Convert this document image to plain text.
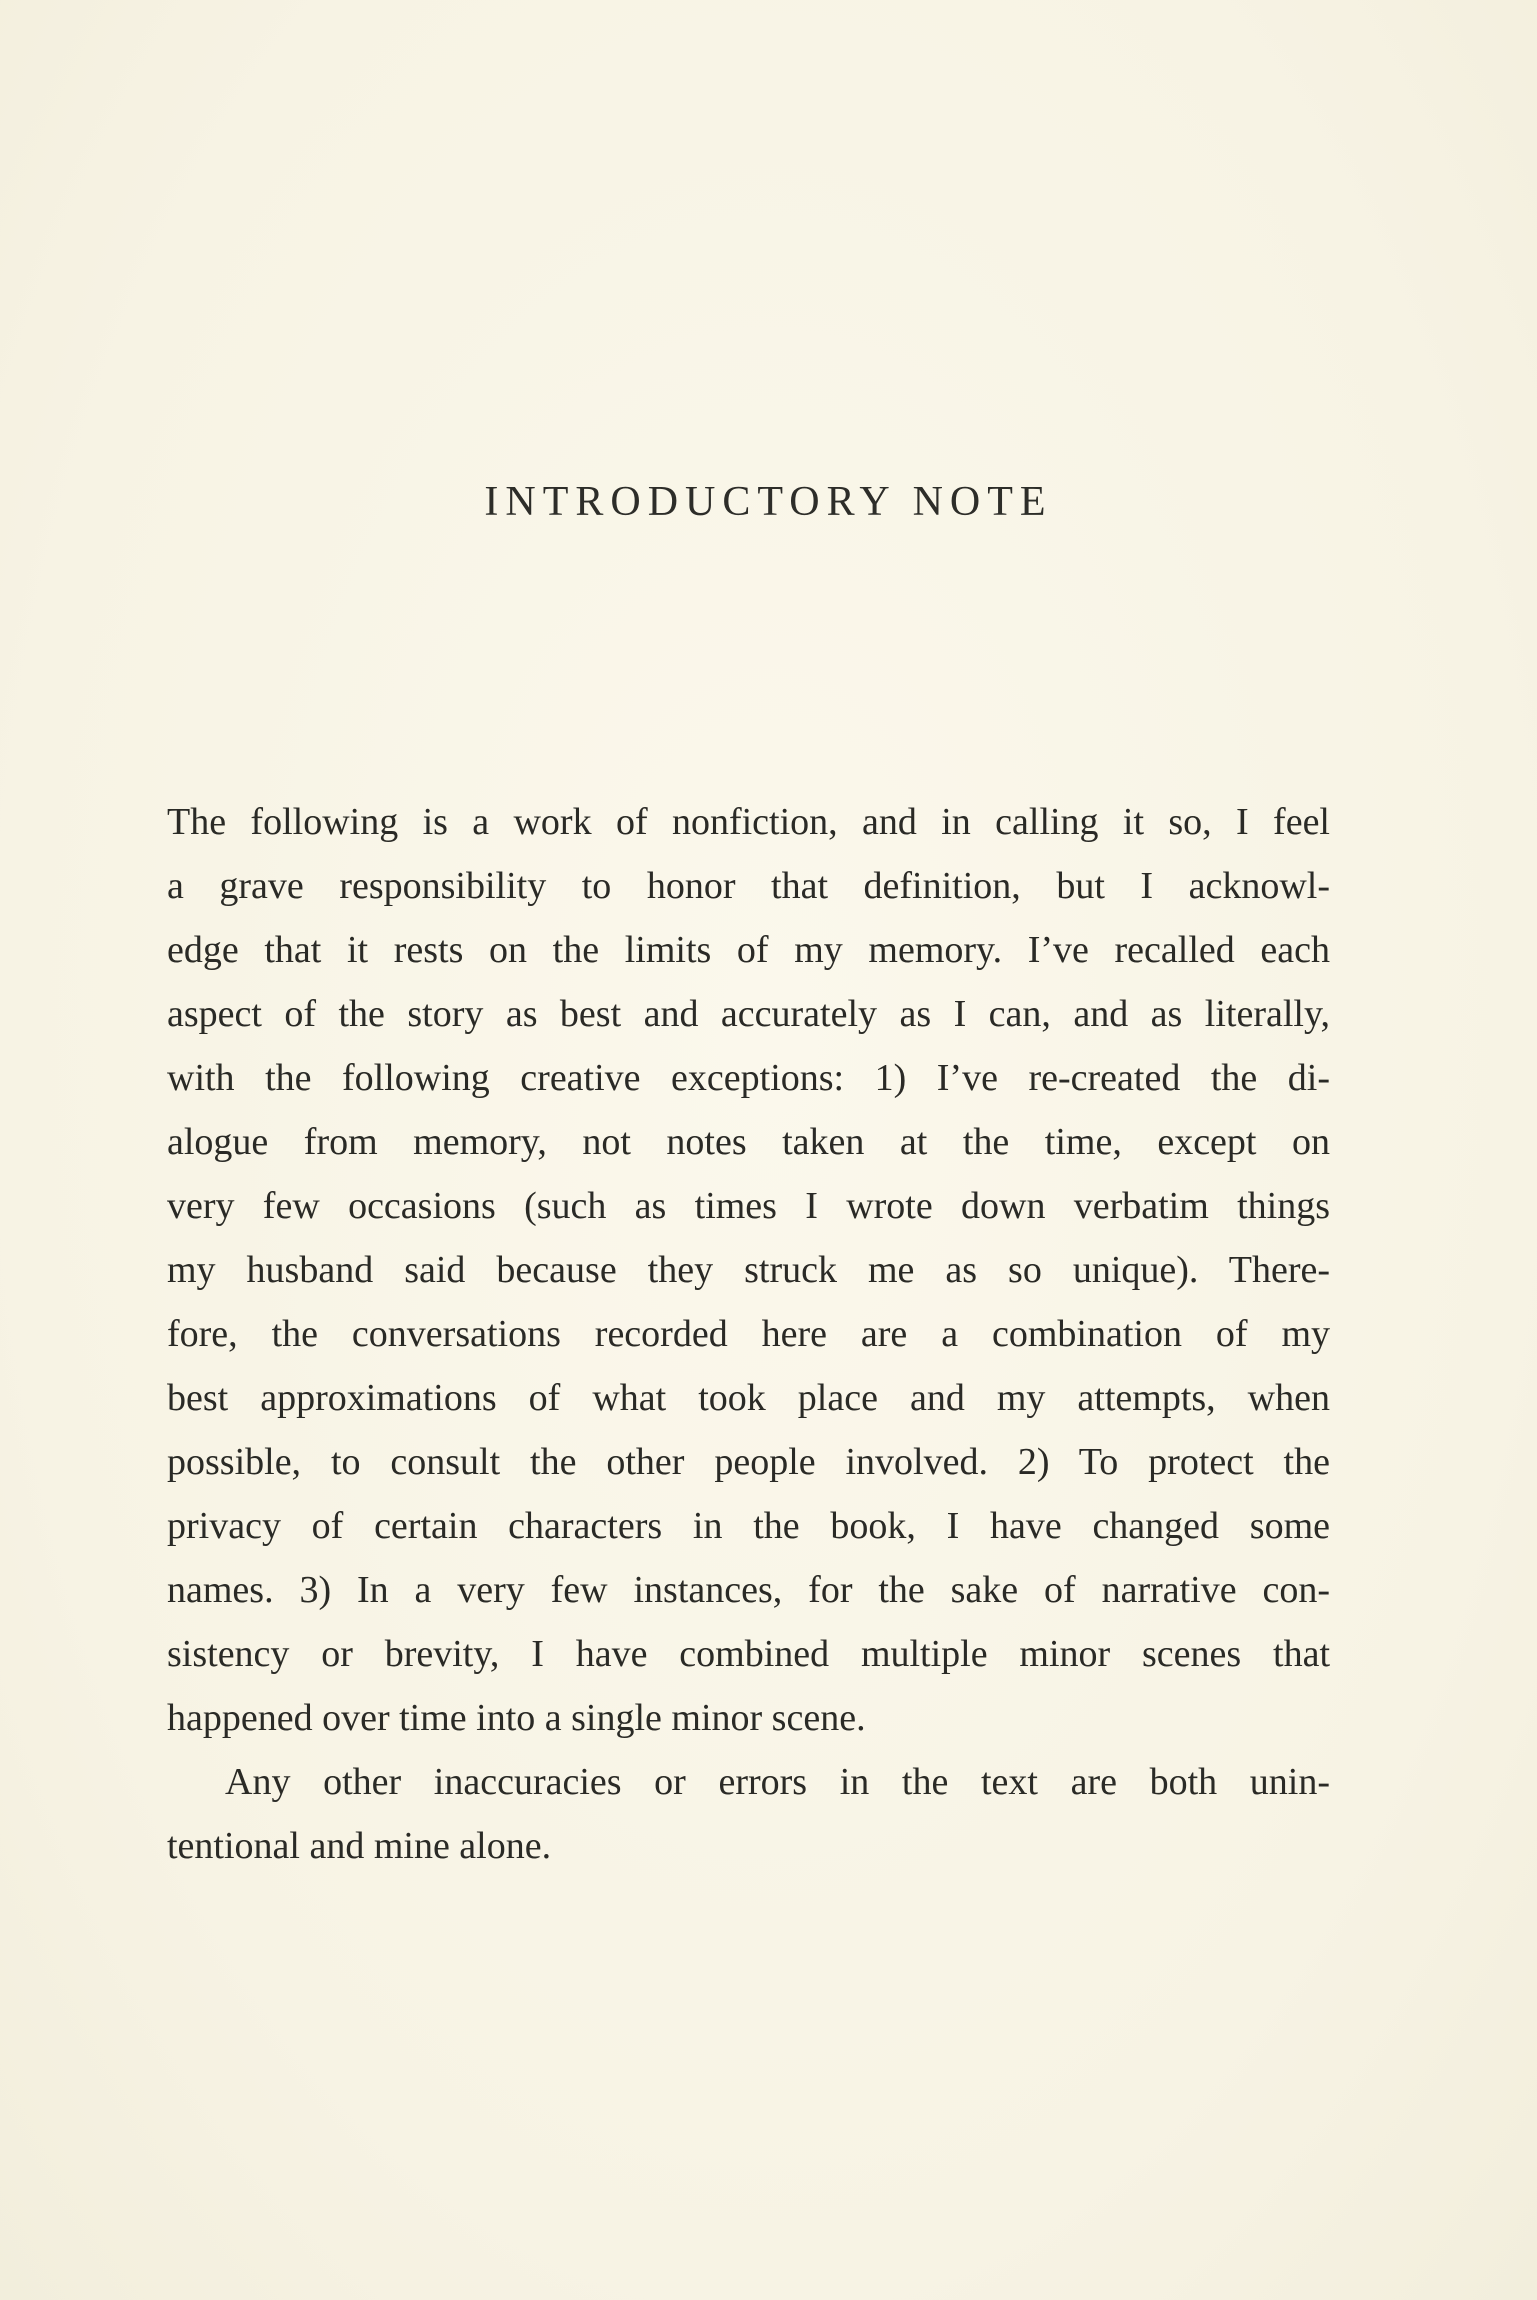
INTRODUCTORY NOTE
The following is a work of nonfiction, and in calling it so, I feel
a grave responsibility to honor that definition, but I acknowl-
edge that it rests on the limits of my memory. I’ve recalled each
aspect of the story as best and accurately as I can, and as literally,
with the following creative exceptions: 1) I’ve re-created the di-
alogue from memory, not notes taken at the time, except on
very few occasions (such as times I wrote down verbatim things
my husband said because they struck me as so unique). There-
fore, the conversations recorded here are a combination of my
best approximations of what took place and my attempts, when
possible, to consult the other people involved. 2) To protect the
privacy of certain characters in the book, I have changed some
names. 3) In a very few instances, for the sake of narrative con-
sistency or brevity, I have combined multiple minor scenes that
happened over time into a single minor scene.
Any other inaccuracies or errors in the text are both unin-
tentional and mine alone.
